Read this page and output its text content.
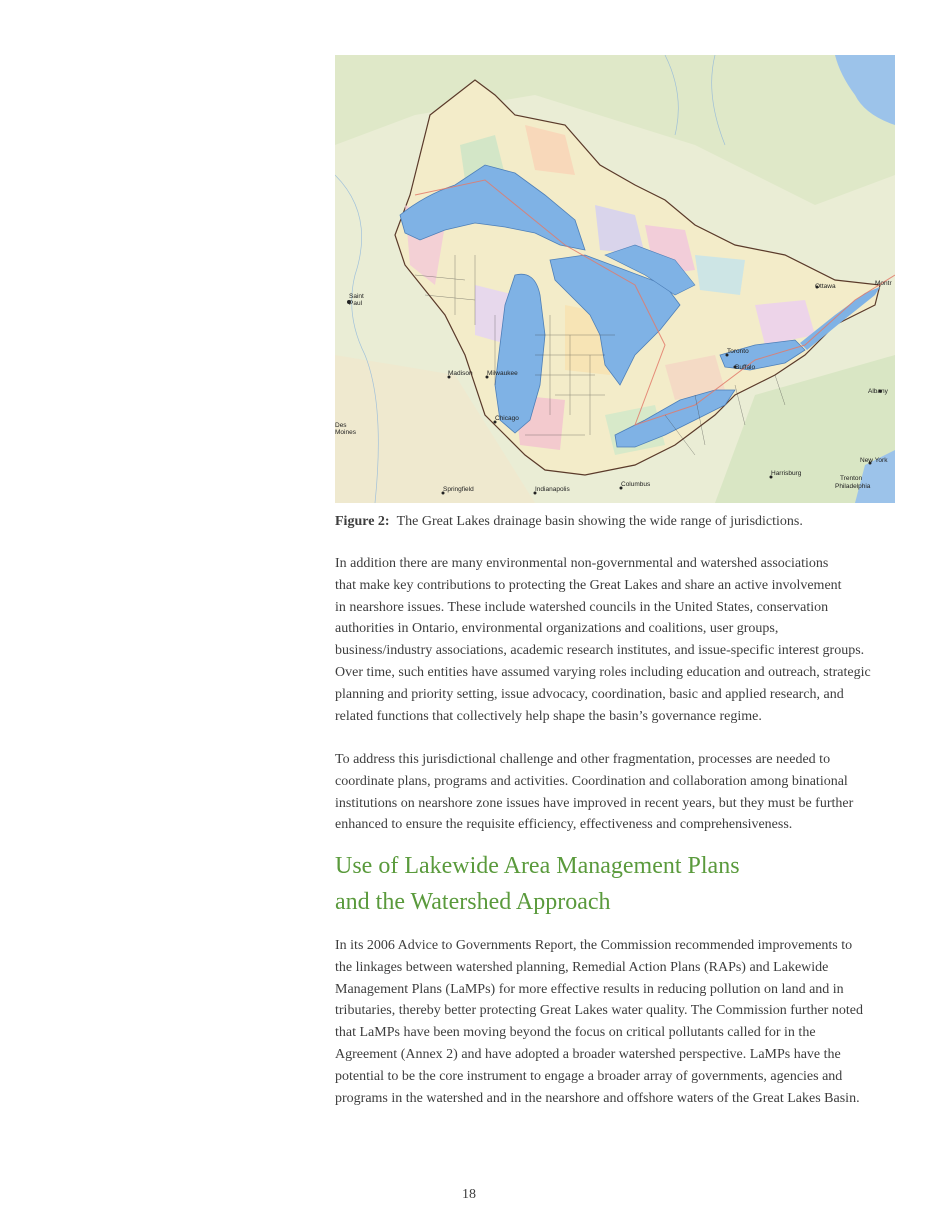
Ottawa	Montr
Saint Paul
Madison Milwaukee
Chicago
Des Moines
Springfield	Indianapolis
Columbus
Harrisburg
Trenton
Philadelphia
New York
Albany
Buffalo
Toronto
Figure 2: The Great Lakes drainage basin showing the wide range of jurisdictions.

In addition there are many environmental non-governmental and watershed associations
that make key contributions to protecting the Great Lakes and share an active involvement
in nearshore issues. These include watershed councils in the United States, conservation
authorities in Ontario, environmental organizations and coalitions, user groups,
business/industry associations, academic research institutes, and issue-specific interest groups.
Over time, such entities have assumed varying roles including education and outreach, strategic
planning and priority setting, issue advocacy, coordination, basic and applied research, and
related functions that collectively help shape the basin’s governance regime.

To address this jurisdictional challenge and other fragmentation, processes are needed to
coordinate plans, programs and activities. Coordination and collaboration among binational
institutions on nearshore zone issues have improved in recent years, but they must be further
enhanced to ensure the requisite efficiency, effectiveness and comprehensiveness.

Use of Lakewide Area Management Plans
and the Watershed Approach

In its 2006 Advice to Governments Report, the Commission recommended improvements to
the linkages between watershed planning, Remedial Action Plans (RAPs) and Lakewide
Management Plans (LaMPs) for more effective results in reducing pollution on land and in
tributaries, thereby better protecting Great Lakes water quality. The Commission further noted
that LaMPs have been moving beyond the focus on critical pollutants called for in the
Agreement (Annex 2) and have adopted a broader watershed perspective. LaMPs have the
potential to be the core instrument to engage a broader array of governments, agencies and
programs in the watershed and in the nearshore and offshore waters of the Great Lakes Basin.

18
